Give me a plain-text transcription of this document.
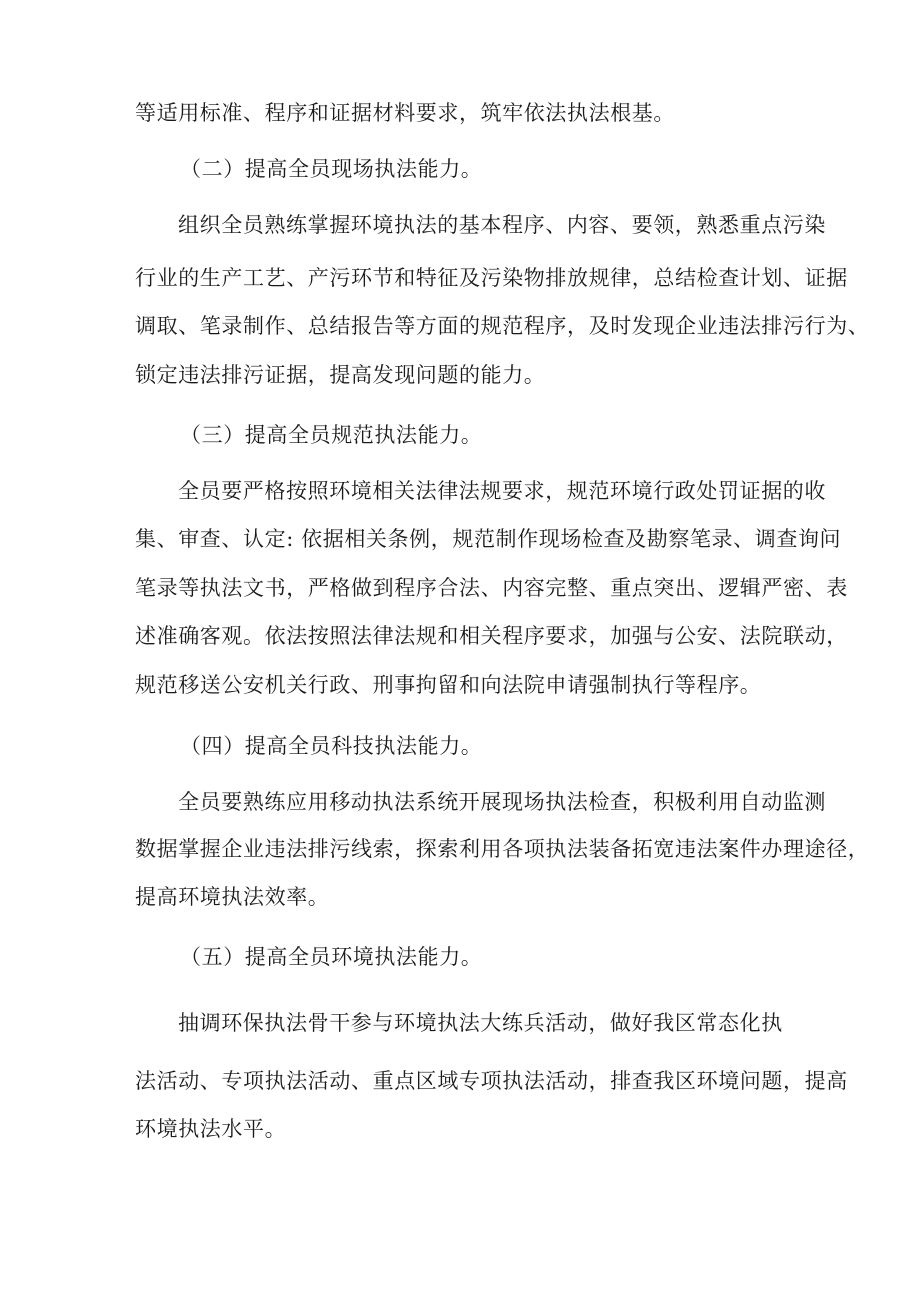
等适用标准、程序和证据材料要求，筑牢依法执法根基。
（二）提高全员现场执法能力。
组织全员熟练掌握环境执法的基本程序、内容、要领，熟悉重点污染
行业的生产工艺、产污环节和特征及污染物排放规律，总结检查计划、证据
调取、笔录制作、总结报告等方面的规范程序，及时发现企业违法排污行为、
锁定违法排污证据，提高发现问题的能力。
（三）提高全员规范执法能力。
全员要严格按照环境相关法律法规要求，规范环境行政处罚证据的收
集、审查、认定: 依据相关条例，规范制作现场检查及勘察笔录、调查询问
笔录等执法文书，严格做到程序合法、内容完整、重点突出、逻辑严密、表
述准确客观。依法按照法律法规和相关程序要求，加强与公安、法院联动，
规范移送公安机关行政、刑事拘留和向法院申请强制执行等程序。
（四）提高全员科技执法能力。
全员要熟练应用移动执法系统开展现场执法检查，积极利用自动监测
数据掌握企业违法排污线索，探索利用各项执法装备拓宽违法案件办理途径，
提高环境执法效率。
（五）提高全员环境执法能力。
抽调环保执法骨干参与环境执法大练兵活动，做好我区常态化执
法活动、专项执法活动、重点区域专项执法活动，排查我区环境问题，提高
环境执法水平。
